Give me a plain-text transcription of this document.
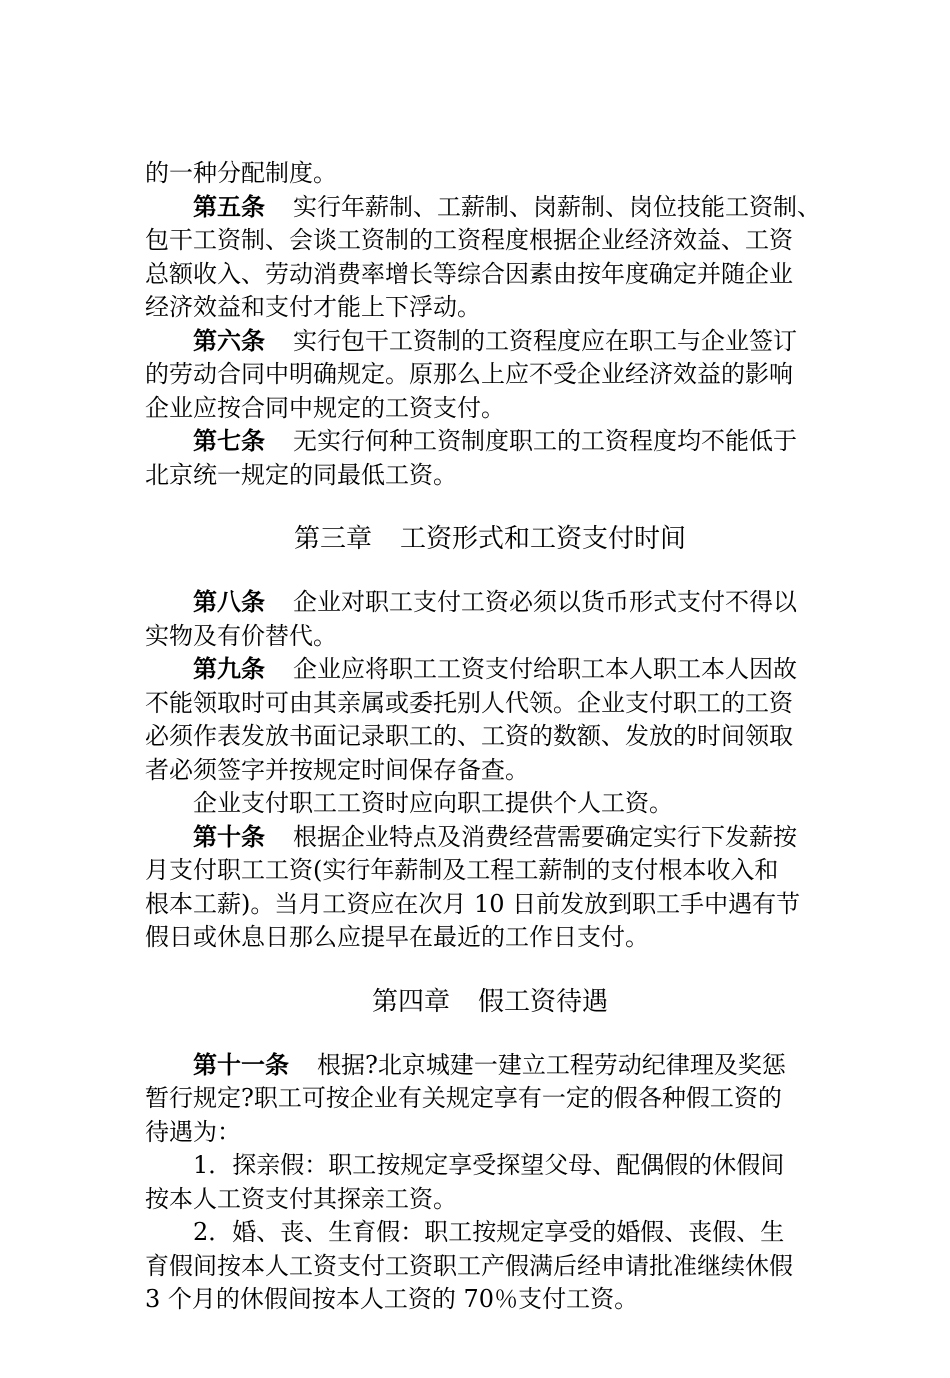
的一种分配制度。
第五条 实行年薪制、工薪制、岗薪制、岗位技能工资制、
包干工资制、会谈工资制的工资程度根据企业经济效益、工资
总额收入、劳动消费率增长等综合因素由按年度确定并随企业
经济效益和支付才能上下浮动。
第六条 实行包干工资制的工资程度应在职工与企业签订
的劳动合同中明确规定。原那么上应不受企业经济效益的影响
企业应按合同中规定的工资支付。
第七条 无实行何种工资制度职工的工资程度均不能低于
北京统一规定的同最低工资。
第三章 工资形式和工资支付时间
第八条 企业对职工支付工资必须以货币形式支付不得以
实物及有价替代。
第九条 企业应将职工工资支付给职工本人职工本人因故
不能领取时可由其亲属或委托别人代领。企业支付职工的工资
必须作表发放书面记录职工的、工资的数额、发放的时间领取
者必须签字并按规定时间保存备查。
企业支付职工工资时应向职工提供个人工资。
第十条 根据企业特点及消费经营需要确定实行下发薪按
月支付职工工资(实行年薪制及工程工薪制的支付根本收入和
根本工薪)。当月工资应在次月 10 日前发放到职工手中遇有节
假日或休息日那么应提早在最近的工作日支付。
第四章 假工资待遇
第十一条 根据?北京城建一建立工程劳动纪律理及奖惩
暂行规定?职工可按企业有关规定享有一定的假各种假工资的
待遇为：
1．探亲假：职工按规定享受探望父母、配偶假的休假间
按本人工资支付其探亲工资。
2．婚、丧、生育假：职工按规定享受的婚假、丧假、生
育假间按本人工资支付工资职工产假满后经申请批准继续休假
3 个月的休假间按本人工资的 70％支付工资。
